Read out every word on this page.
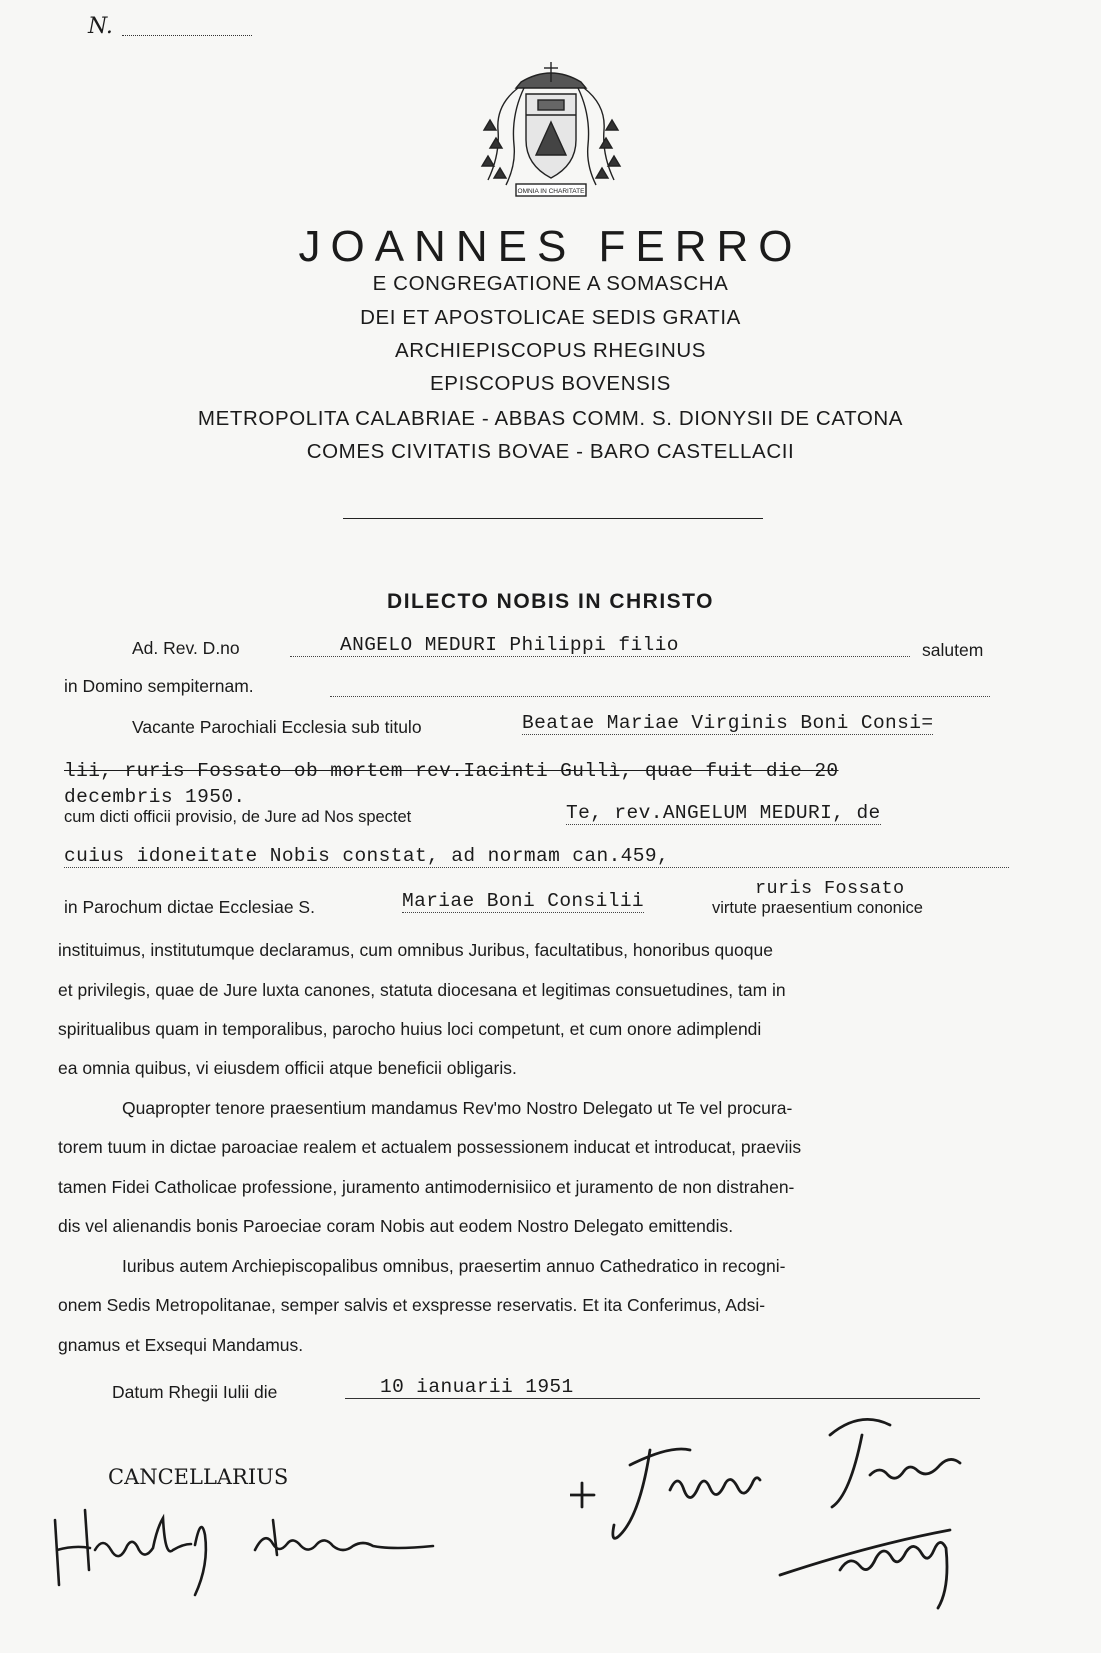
N.
OMNIA IN CHARITATE
JOANNES FERRO
E CONGREGATIONE A SOMASCHA
DEI ET APOSTOLICAE SEDIS GRATIA
ARCHIEPISCOPUS RHEGINUS
EPISCOPUS BOVENSIS
METROPOLITA CALABRIAE - ABBAS COMM. S. DIONYSII DE CATONA
COMES CIVITATIS BOVAE - BARO CASTELLACII
DILECTO NOBIS IN CHRISTO
Ad. Rev. D.no	ANGELO MEDURI Philippi filio	salutem
in Domino sempiternam.
Vacante Parochiali Ecclesia sub titulo	Beatae Mariae Virginis Boni Consi=
lii, ruris Fossato ob mortem rev.Iacinti Gullì, quae fuit die 20
decembris 1950.
cum dicti officii provisio, de Jure ad Nos spectet	Te, rev.ANGELUM MEDURI, de
cuius idoneitate Nobis constat, ad normam can.459,
in Parochum dictae Ecclesiae S.	Mariae Boni Consilii
ruris Fossato
virtute praesentium cononice
instituimus, institutumque declaramus, cum omnibus Juribus, facultatibus, honoribus quoque
et privilegis, quae de Jure luxta canones, statuta diocesana et legitimas consuetudines, tam in
spiritualibus quam in temporalibus, parocho huius loci competunt, et cum onore adimplendi
ea omnia quibus, vi eiusdem officii atque beneficii obligaris.
Quapropter tenore praesentium mandamus Rev'mo Nostro Delegato ut Te vel procura-
torem tuum in dictae paroaciae realem et actualem possessionem inducat et introducat, praeviis
tamen Fidei Catholicae professione, juramento antimodernisiico et juramento de non distrahen-
dis vel alienandis bonis Paroeciae coram Nobis aut eodem Nostro Delegato emittendis.
Iuribus autem Archiepiscopalibus omnibus, praesertim annuo Cathedratico in recogni-
onem Sedis Metropolitanae, semper salvis et exspresse reservatis. Et ita Conferimus, Adsi-
gnamus et Exsequi Mandamus.
Datum Rhegii Iulii die	10 ianuarii 1951
CANCELLARIUS
